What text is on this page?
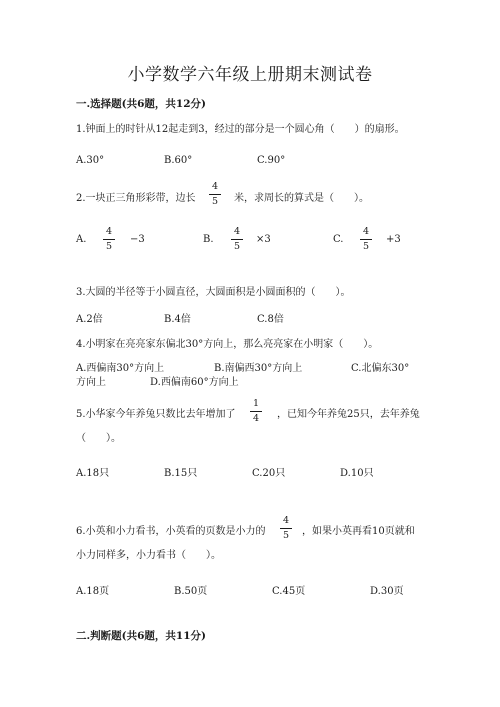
小学数学六年级上册期末测试卷
一.选择题(共6题，共12分)
1.钟面上的时针从12起走到3，经过的部分是一个圆心角（　　）的扇形。
A.30°	B.60°	C.90°
2.一块正三角形彩带，边长
4
5 米，求周长的算式是（　　）。
A.
4
5
−3	B.
4
5
×3	C.
4
5
+3
3.大圆的半径等于小圆直径，大圆面积是小圆面积的（　　）。
A.2倍	B.4倍	C.8倍
4.小明家在亮亮家东偏北30°方向上，那么亮亮家在小明家（　　）。
A.西偏南30°方向上	B.南偏西30°方向上	C.北偏东30°
方向上	D.西偏南60°方向上
5.小华家今年养兔只数比去年增加了
1
4 ，已知今年养兔25只，去年养兔
（　　）。
A.18只	B.15只	C.20只	D.10只
6.小英和小力看书，小英看的页数是小力的
4
5 ，如果小英再看10页就和
小力同样多，小力看书（　　）。
A.18页	B.50页	C.45页	D.30页
二.判断题(共6题，共11分)
